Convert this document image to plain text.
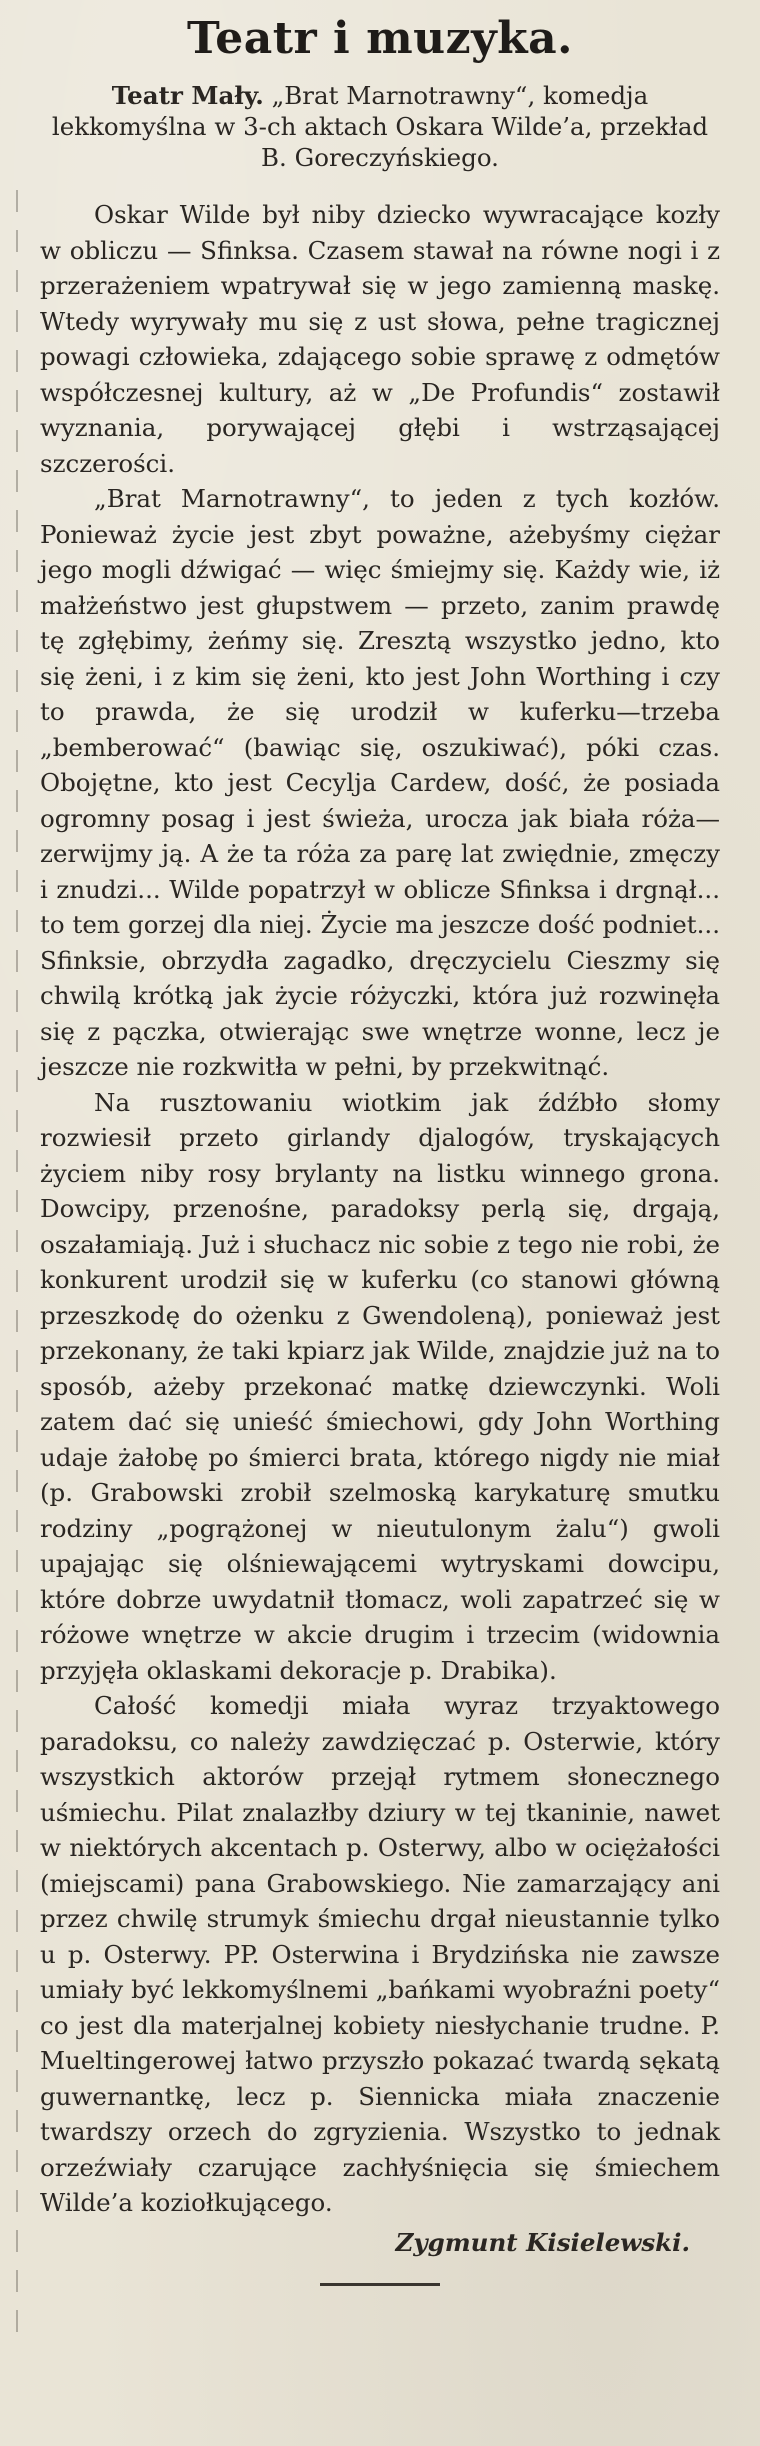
Teatr i muzyka.

Teatr Mały. „Brat Marnotrawny“, komedja lekkomyślna w 3-ch aktach Oskara Wilde’a, przekład B. Goreczyńskiego.

Oskar Wilde był niby dziecko wywracające kozły w obliczu — Sfinksa. Czasem stawał na równe nogi i z przerażeniem wpatrywał się w jego zamienną maskę. Wtedy wyrywały mu się z ust słowa, pełne tragicznej powagi człowieka, zdającego sobie sprawę z odmętów współczesnej kultury, aż w „De Profundis“ zostawił wyznania, porywającej głębi i wstrząsającej szczerości.

„Brat Marnotrawny“, to jeden z tych kozłów. Ponieważ życie jest zbyt poważne, ażebyśmy ciężar jego mogli dźwigać — więc śmiejmy się. Każdy wie, iż małżeństwo jest głupstwem — przeto, zanim prawdę tę zgłębimy, żeńmy się. Zresztą wszystko jedno, kto się żeni, i z kim się żeni, kto jest John Worthing i czy to prawda, że się urodził w kuferku—trzeba „bemberować“ (bawiąc się, oszukiwać), póki czas. Obojętne, kto jest Cecylja Cardew, dość, że posiada ogromny posag i jest świeża, urocza jak biała róża—zerwijmy ją. A że ta róża za parę lat zwiędnie, zmęczy i znudzi... Wilde popatrzył w oblicze Sfinksa i drgnął... to tem gorzej dla niej. Życie ma jeszcze dość podniet... Sfinksie, obrzydła zagadko, dręczycielu Cieszmy się chwilą krótką jak życie różyczki, która już rozwinęła się z pączka, otwierając swe wnętrze wonne, lecz je jeszcze nie rozkwitła w pełni, by przekwitnąć.

Na rusztowaniu wiotkim jak źdźbło słomy rozwiesił przeto girlandy djalogów, tryskających życiem niby rosy brylanty na listku winnego grona. Dowcipy, przenośne, paradoksy perlą się, drgają, oszałamiają. Już i słuchacz nic sobie z tego nie robi, że konkurent urodził się w kuferku (co stanowi główną przeszkodę do ożenku z Gwendoleną), ponieważ jest przekonany, że taki kpiarz jak Wilde, znajdzie już na to sposób, ażeby przekonać matkę dziewczynki. Woli zatem dać się unieść śmiechowi, gdy John Worthing udaje żałobę po śmierci brata, którego nigdy nie miał (p. Grabowski zrobił szelmoską karykaturę smutku rodziny „pogrążonej w nieutulonym żalu“) gwoli upajając się olśniewającemi wytryskami dowcipu, które dobrze uwydatnił tłomacz, woli zapatrzeć się w różowe wnętrze w akcie drugim i trzecim (widownia przyjęła oklaskami dekoracje p. Drabika).

Całość komedji miała wyraz trzyaktowego paradoksu, co należy zawdzięczać p. Osterwie, który wszystkich aktorów przejął rytmem słonecznego uśmiechu. Pilat znalazłby dziury w tej tkaninie, nawet w niektórych akcentach p. Osterwy, albo w ociężałości (miejscami) pana Grabowskiego. Nie zamarzający ani przez chwilę strumyk śmiechu drgał nieustannie tylko u p. Osterwy. PP. Osterwina i Brydzińska nie zawsze umiały być lekkomyślnemi „bańkami wyobraźni poety“ co jest dla materjalnej kobiety niesłychanie trudne. P. Mueltingerowej łatwo przyszło pokazać twardą sękatą guwernantkę, lecz p. Siennicka miała znaczenie twardszy orzech do zgryzienia. Wszystko to jednak orzeźwiały czarujące zachłyśnięcia się śmiechem Wilde’a koziołkującego.

Zygmunt Kisielewski.
